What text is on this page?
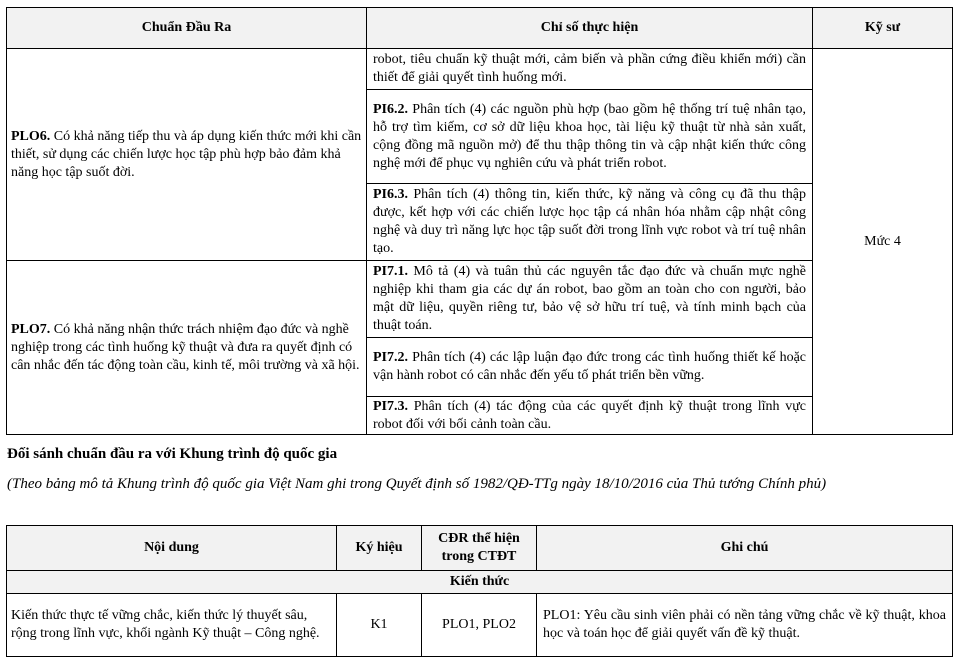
Chuẩn Đầu Ra	Chỉ số thực hiện	Kỹ sư
PLO6. Có khả năng tiếp thu và áp dụng kiến thức mới khi cần thiết, sử dụng các chiến lược học tập phù hợp bảo đảm khả năng học tập suốt đời.	robot, tiêu chuẩn kỹ thuật mới, cảm biến và phần cứng điều khiển mới) cần thiết để giải quyết tình huống mới.	Mức 4
	PI6.2. Phân tích (4) các nguồn phù hợp (bao gồm hệ thống trí tuệ nhân tạo, hỗ trợ tìm kiếm, cơ sở dữ liệu khoa học, tài liệu kỹ thuật từ nhà sản xuất, cộng đồng mã nguồn mở) để thu thập thông tin và cập nhật kiến thức công nghệ mới để phục vụ nghiên cứu và phát triển robot.	
	PI6.3. Phân tích (4) thông tin, kiến thức, kỹ năng và công cụ đã thu thập được, kết hợp với các chiến lược học tập cá nhân hóa nhằm cập nhật công nghệ và duy trì năng lực học tập suốt đời trong lĩnh vực robot và trí tuệ nhân tạo.	
PLO7. Có khả năng nhận thức trách nhiệm đạo đức và nghề nghiệp trong các tình huống kỹ thuật và đưa ra quyết định có cân nhắc đến tác động toàn cầu, kinh tế, môi trường và xã hội.	PI7.1. Mô tả (4) và tuân thủ các nguyên tắc đạo đức và chuẩn mực nghề nghiệp khi tham gia các dự án robot, bao gồm an toàn cho con người, bảo mật dữ liệu, quyền riêng tư, bảo vệ sở hữu trí tuệ, và tính minh bạch của thuật toán.	
	PI7.2. Phân tích (4) các lập luận đạo đức trong các tình huống thiết kế hoặc vận hành robot có cân nhắc đến yếu tố phát triển bền vững.	
	PI7.3. Phân tích (4) tác động của các quyết định kỹ thuật trong lĩnh vực robot đối với bối cảnh toàn cầu.	
Đối sánh chuẩn đầu ra với Khung trình độ quốc gia
(Theo bảng mô tả Khung trình độ quốc gia Việt Nam ghi trong Quyết định số 1982/QĐ-TTg ngày 18/10/2016 của Thủ tướng Chính phủ)
Nội dung	Ký hiệu	CĐR thể hiện trong CTĐT	Ghi chú
Kiến thức			
Kiến thức thực tế vững chắc, kiến thức lý thuyết sâu, rộng trong lĩnh vực, khối ngành Kỹ thuật – Công nghệ.	K1	PLO1, PLO2	PLO1: Yêu cầu sinh viên phải có nền tảng vững chắc về kỹ thuật, khoa học và toán học để giải quyết vấn đề kỹ thuật.
